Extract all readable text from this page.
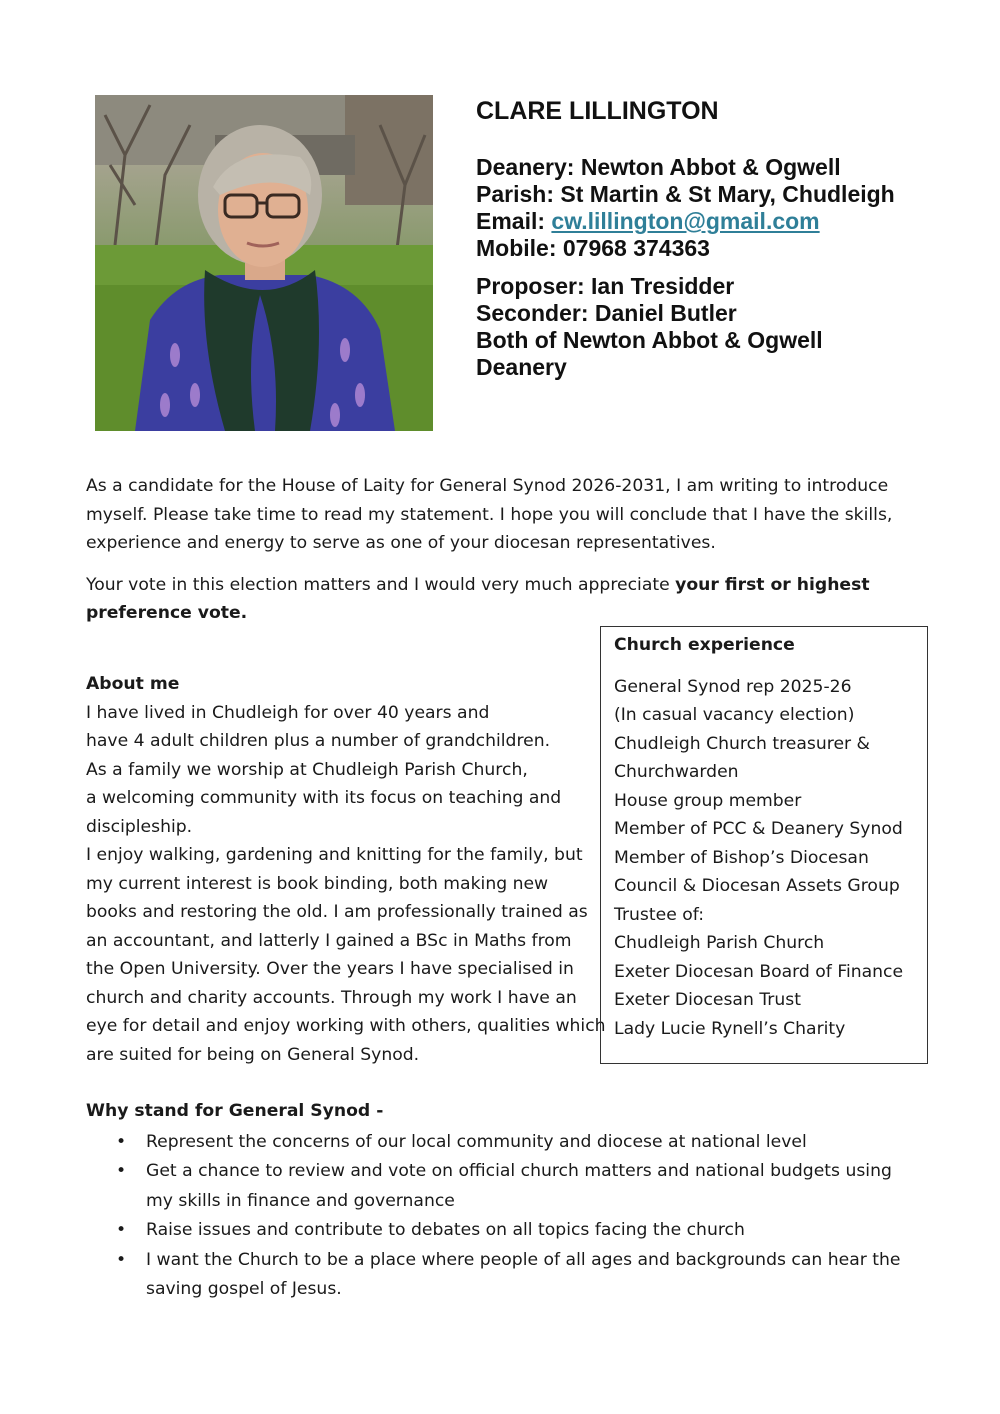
CLARE LILLINGTON

Deanery: Newton Abbot & Ogwell

Parish: St Martin & St Mary, Chudleigh

Email: cw.lillington@gmail.com

Mobile: 07968 374363

Proposer: Ian Tresidder

Seconder: Daniel Butler

Both of Newton Abbot & Ogwell

Deanery

As a candidate for the House of Laity for General Synod 2026-2031, I am writing to introduce myself. Please take time to read my statement. I hope you will conclude that I have the skills, experience and energy to serve as one of your diocesan representatives.

Your vote in this election matters and I would very much appreciate your first or highest preference vote.

About me

I have lived in Chudleigh for over 40 years and

have 4 adult children plus a number of grandchildren.

As a family we worship at Chudleigh Parish Church,

a welcoming community with its focus on teaching and

discipleship.

I enjoy walking, gardening and knitting for the family, but

my current interest is book binding, both making new

books and restoring the old. I am professionally trained as

an accountant, and latterly I gained a BSc in Maths from

the Open University. Over the years I have specialised in

church and charity accounts. Through my work I have an

eye for detail and enjoy working with others, qualities which

are suited for being on General Synod.

Church experience

General Synod rep 2025-26

(In casual vacancy election)

Chudleigh Church treasurer &

Churchwarden

House group member

Member of PCC & Deanery Synod

Member of Bishop’s Diocesan

Council & Diocesan Assets Group

Trustee of:

Chudleigh Parish Church

Exeter Diocesan Board of Finance

Exeter Diocesan Trust

Lady Lucie Rynell’s Charity

Why stand for General Synod -
• Represent the concerns of our local community and diocese at national level
• Get a chance to review and vote on official church matters and national budgets using
my skills in finance and governance
• Raise issues and contribute to debates on all topics facing the church
• I want the Church to be a place where people of all ages and backgrounds can hear the
saving gospel of Jesus.
